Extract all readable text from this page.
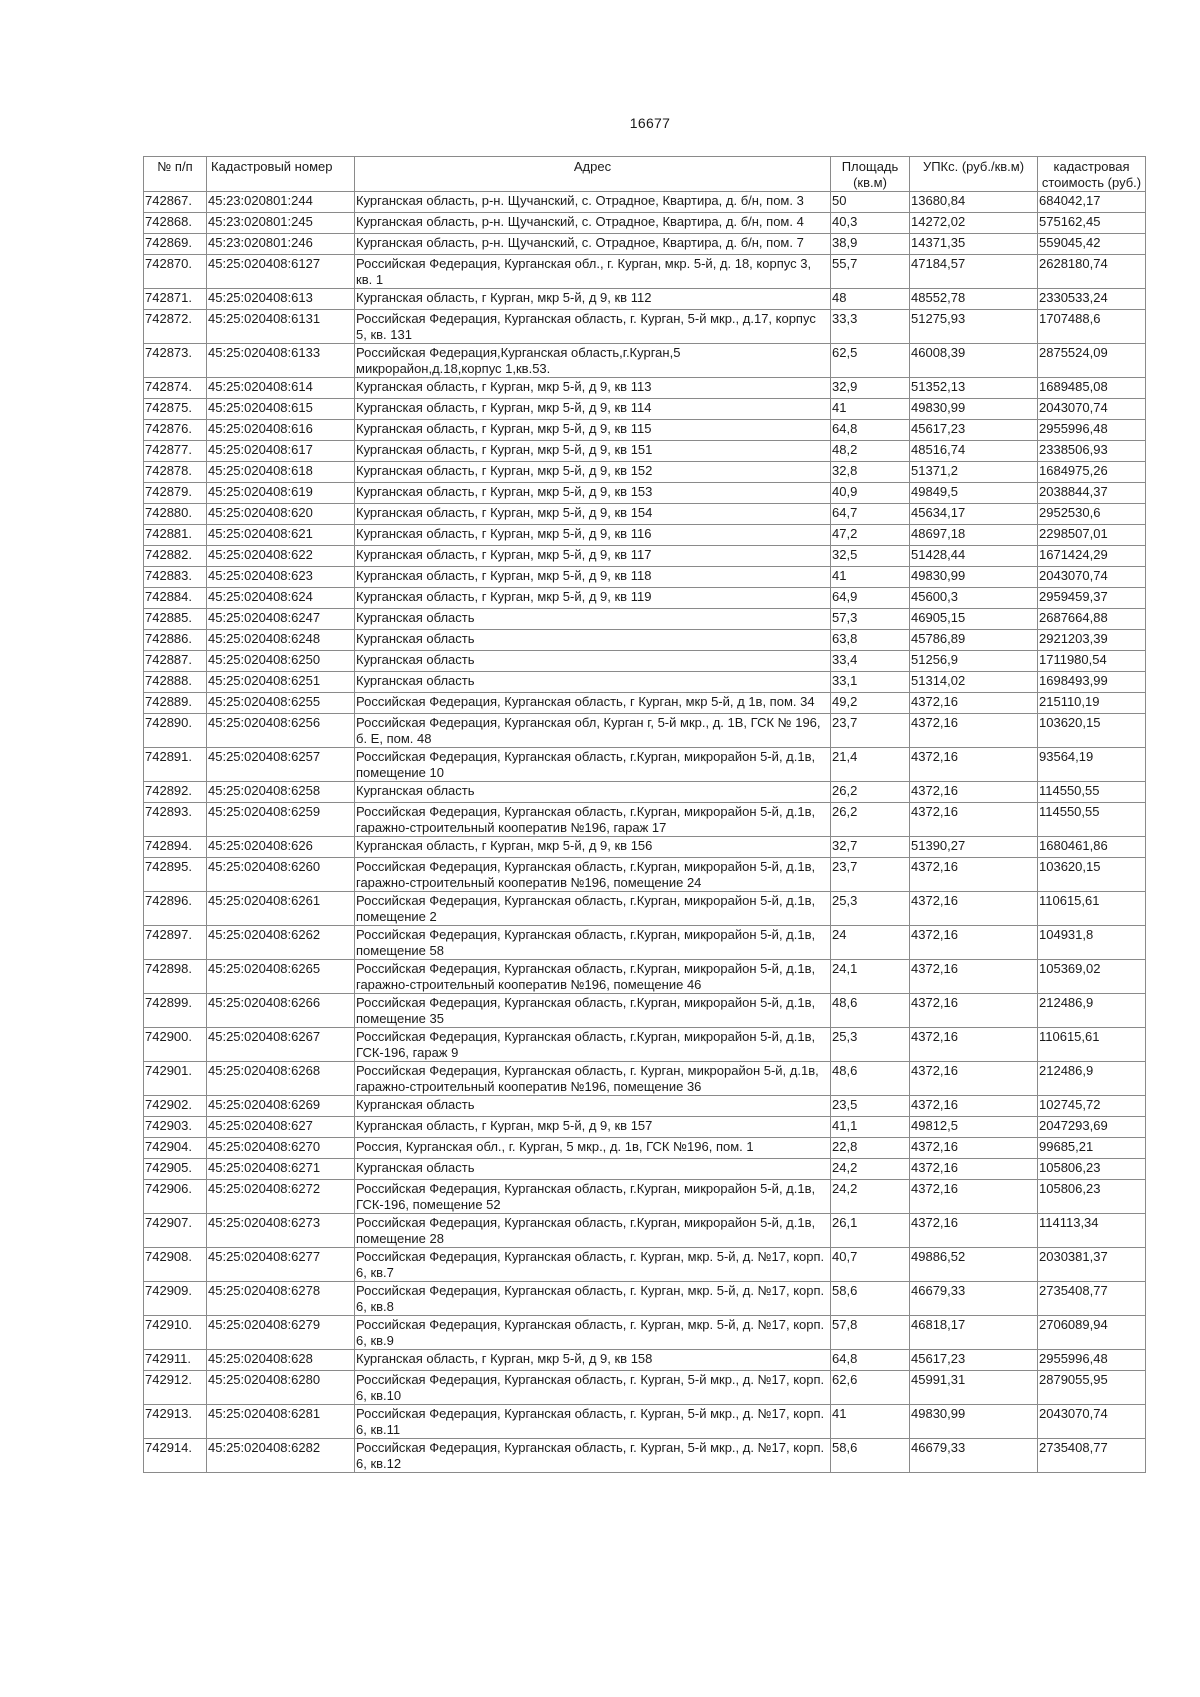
16677
№ п/п	Кадастровый номер	Адрес	Площадь (кв.м)	УПКс. (руб./кв.м)	кадастровая стоимость (руб.)
742867.	45:23:020801:244	Курганская область, р-н. Щучанский, с. Отрадное, Квартира, д. б/н, пом. 3	50	13680,84	684042,17
742868.	45:23:020801:245	Курганская область, р-н. Щучанский, с. Отрадное, Квартира, д. б/н, пом. 4	40,3	14272,02	575162,45
742869.	45:23:020801:246	Курганская область, р-н. Щучанский, с. Отрадное, Квартира, д. б/н, пом. 7	38,9	14371,35	559045,42
742870.	45:25:020408:6127	Российская Федерация, Курганская обл., г. Курган, мкр. 5-й, д. 18, корпус 3, кв. 1	55,7	47184,57	2628180,74
742871.	45:25:020408:613	Курганская область, г Курган, мкр 5-й, д 9, кв 112	48	48552,78	2330533,24
742872.	45:25:020408:6131	Российская Федерация, Курганская область, г. Курган, 5-й мкр., д.17, корпус 5, кв. 131	33,3	51275,93	1707488,6
742873.	45:25:020408:6133	Российская Федерация,Курганская область,г.Курган,5 микрорайон,д.18,корпус 1,кв.53.	62,5	46008,39	2875524,09
742874.	45:25:020408:614	Курганская область, г Курган, мкр 5-й, д 9, кв 113	32,9	51352,13	1689485,08
742875.	45:25:020408:615	Курганская область, г Курган, мкр 5-й, д 9, кв 114	41	49830,99	2043070,74
742876.	45:25:020408:616	Курганская область, г Курган, мкр 5-й, д 9, кв 115	64,8	45617,23	2955996,48
742877.	45:25:020408:617	Курганская область, г Курган, мкр 5-й, д 9, кв 151	48,2	48516,74	2338506,93
742878.	45:25:020408:618	Курганская область, г Курган, мкр 5-й, д 9, кв 152	32,8	51371,2	1684975,26
742879.	45:25:020408:619	Курганская область, г Курган, мкр 5-й, д 9, кв 153	40,9	49849,5	2038844,37
742880.	45:25:020408:620	Курганская область, г Курган, мкр 5-й, д 9, кв 154	64,7	45634,17	2952530,6
742881.	45:25:020408:621	Курганская область, г Курган, мкр 5-й, д 9, кв 116	47,2	48697,18	2298507,01
742882.	45:25:020408:622	Курганская область, г Курган, мкр 5-й, д 9, кв 117	32,5	51428,44	1671424,29
742883.	45:25:020408:623	Курганская область, г Курган, мкр 5-й, д 9, кв 118	41	49830,99	2043070,74
742884.	45:25:020408:624	Курганская область, г Курган, мкр 5-й, д 9, кв 119	64,9	45600,3	2959459,37
742885.	45:25:020408:6247	Курганская область	57,3	46905,15	2687664,88
742886.	45:25:020408:6248	Курганская область	63,8	45786,89	2921203,39
742887.	45:25:020408:6250	Курганская область	33,4	51256,9	1711980,54
742888.	45:25:020408:6251	Курганская область	33,1	51314,02	1698493,99
742889.	45:25:020408:6255	Российская Федерация, Курганская область, г Курган, мкр 5-й, д 1в, пом. 34	49,2	4372,16	215110,19
742890.	45:25:020408:6256	Российская Федерация, Курганская обл, Курган г, 5-й мкр., д. 1В, ГСК № 196, б. Е, пом. 48	23,7	4372,16	103620,15
742891.	45:25:020408:6257	Российская Федерация, Курганская область, г.Курган, микрорайон 5-й, д.1в, помещение 10	21,4	4372,16	93564,19
742892.	45:25:020408:6258	Курганская область	26,2	4372,16	114550,55
742893.	45:25:020408:6259	Российская Федерация, Курганская область, г.Курган, микрорайон 5-й, д.1в, гаражно-строительный кооператив №196, гараж 17	26,2	4372,16	114550,55
742894.	45:25:020408:626	Курганская область, г Курган, мкр 5-й, д 9, кв 156	32,7	51390,27	1680461,86
742895.	45:25:020408:6260	Российская Федерация, Курганская область, г.Курган, микрорайон 5-й, д.1в, гаражно-строительный кооператив №196, помещение 24	23,7	4372,16	103620,15
742896.	45:25:020408:6261	Российская Федерация, Курганская область, г.Курган, микрорайон 5-й, д.1в, помещение 2	25,3	4372,16	110615,61
742897.	45:25:020408:6262	Российская Федерация, Курганская область, г.Курган, микрорайон 5-й, д.1в, помещение 58	24	4372,16	104931,8
742898.	45:25:020408:6265	Российская Федерация, Курганская область, г.Курган, микрорайон 5-й, д.1в, гаражно-строительный кооператив №196, помещение 46	24,1	4372,16	105369,02
742899.	45:25:020408:6266	Российская Федерация, Курганская область, г.Курган, микрорайон 5-й, д.1в, помещение 35	48,6	4372,16	212486,9
742900.	45:25:020408:6267	Российская Федерация, Курганская область, г.Курган, микрорайон 5-й, д.1в, ГСК-196, гараж 9	25,3	4372,16	110615,61
742901.	45:25:020408:6268	Российская Федерация, Курганская область, г. Курган, микрорайон 5-й, д.1в, гаражно-строительный кооператив №196, помещение 36	48,6	4372,16	212486,9
742902.	45:25:020408:6269	Курганская область	23,5	4372,16	102745,72
742903.	45:25:020408:627	Курганская область, г Курган, мкр 5-й, д 9, кв 157	41,1	49812,5	2047293,69
742904.	45:25:020408:6270	Россия, Курганская обл., г. Курган, 5 мкр., д. 1в, ГСК №196, пом. 1	22,8	4372,16	99685,21
742905.	45:25:020408:6271	Курганская область	24,2	4372,16	105806,23
742906.	45:25:020408:6272	Российская Федерация, Курганская область, г.Курган, микрорайон 5-й, д.1в, ГСК-196, помещение 52	24,2	4372,16	105806,23
742907.	45:25:020408:6273	Российская Федерация, Курганская область, г.Курган, микрорайон 5-й, д.1в, помещение 28	26,1	4372,16	114113,34
742908.	45:25:020408:6277	Российская Федерация, Курганская область, г. Курган, мкр. 5-й, д. №17, корп. 6, кв.7	40,7	49886,52	2030381,37
742909.	45:25:020408:6278	Российская Федерация, Курганская область, г. Курган, мкр. 5-й, д. №17, корп. 6, кв.8	58,6	46679,33	2735408,77
742910.	45:25:020408:6279	Российская Федерация, Курганская область, г. Курган, мкр. 5-й, д. №17, корп. 6, кв.9	57,8	46818,17	2706089,94
742911.	45:25:020408:628	Курганская область, г Курган, мкр 5-й, д 9, кв 158	64,8	45617,23	2955996,48
742912.	45:25:020408:6280	Российская Федерация, Курганская область, г. Курган, 5-й мкр., д. №17, корп. 6, кв.10	62,6	45991,31	2879055,95
742913.	45:25:020408:6281	Российская Федерация, Курганская область, г. Курган, 5-й мкр., д. №17, корп. 6, кв.11	41	49830,99	2043070,74
742914.	45:25:020408:6282	Российская Федерация, Курганская область, г. Курган, 5-й мкр., д. №17, корп. 6, кв.12	58,6	46679,33	2735408,77
